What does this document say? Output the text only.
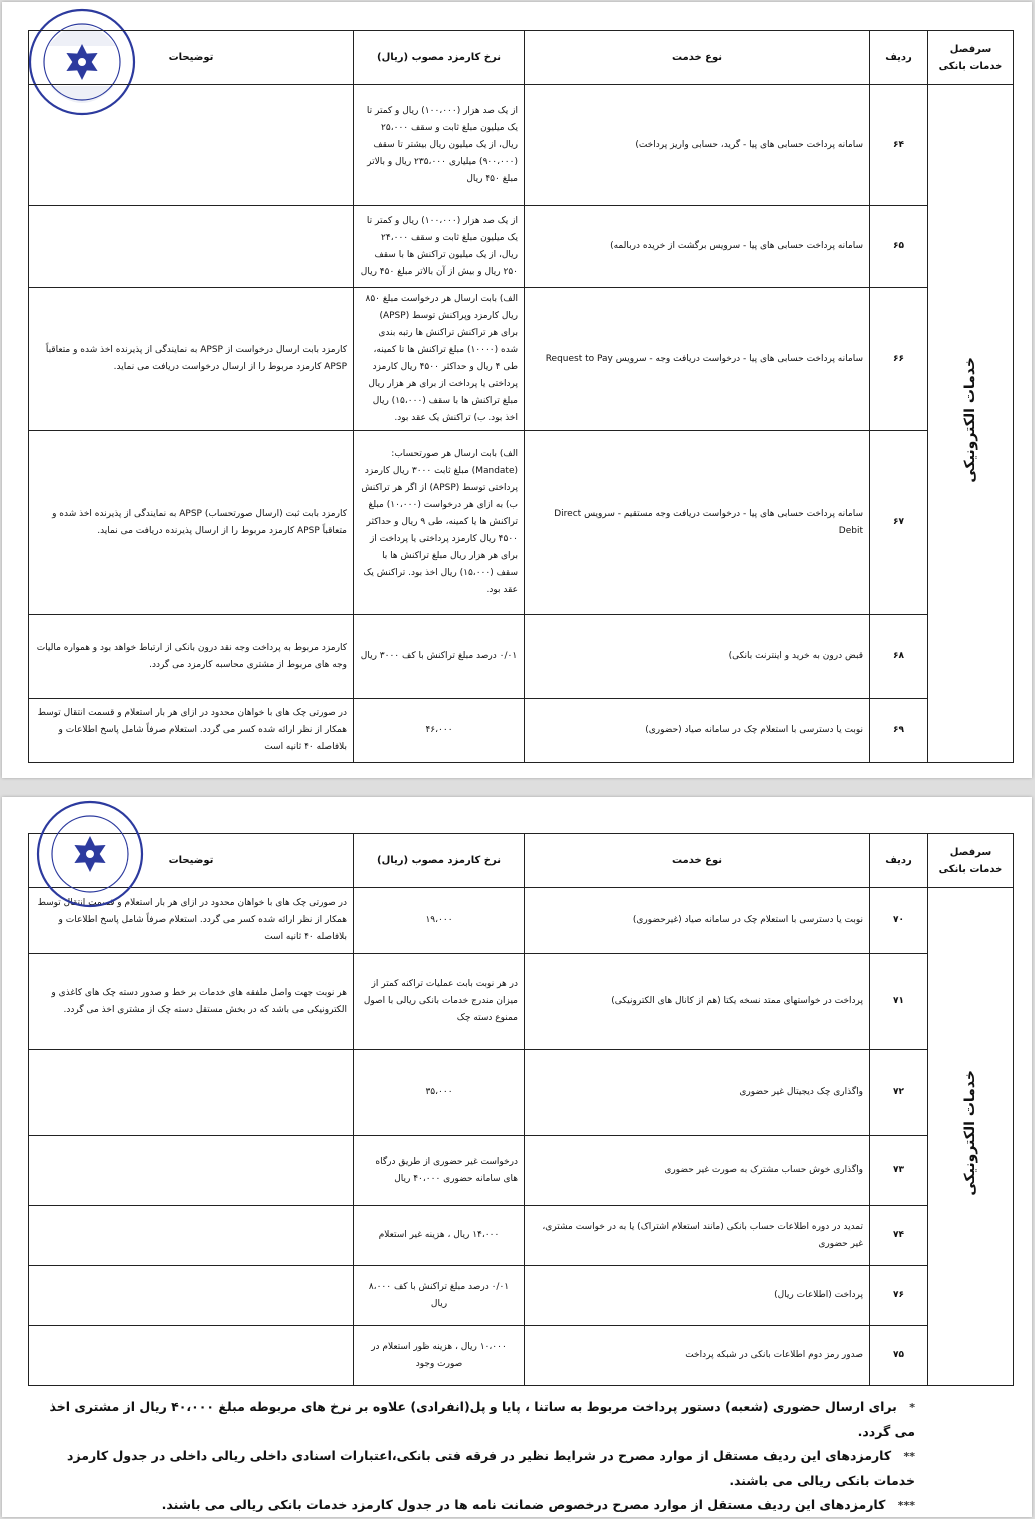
سرفصل خدمات بانکی	ردیف	نوع خدمت	نرخ کارمزد مصوب (ریال)	توضیحات
خدمات الکترونیکی	۶۴	سامانه پرداخت حسابی های پیا - گرید، حسابی واریز پرداخت)	از یک صد هزار (۱۰۰،۰۰۰) ریال و کمتر تا یک میلیون مبلغ ثابت و سقف ۲۵،۰۰۰ ریال، از یک میلیون ریال بیشتر تا سقف (۹۰۰،۰۰۰) میلیاری ۲۳۵،۰۰۰ ریال و بالاتر مبلغ ۴۵۰ ریال	
	۶۵	سامانه پرداخت حسابی های پیا - سرویس برگشت از خریده دربالمه)	از یک صد هزار (۱۰۰،۰۰۰) ریال و کمتر تا یک میلیون مبلغ ثابت و سقف ۲۴،۰۰۰ ریال، از یک میلیون تراکنش ها با سقف ۲۵۰ ریال و بیش از آن بالاتر مبلغ ۴۵۰ ریال	
	۶۶	سامانه پرداخت حسابی های پیا - درخواست دریافت وجه - سرویس Request to Pay	الف) بابت ارسال هر درخواست مبلغ ۸۵۰ ریال کارمزد وپراکنش توسط (APSP) برای هر تراکنش تراکنش ها رتبه بندی شده (۱۰۰۰۰) مبلغ تراکنش ها تا کمینه، طی ۴ ریال و حداکثر ۴۵۰۰ ریال کارمزد پرداختی یا پرداخت از برای هر هزار ریال مبلغ تراکنش ها با سقف (۱۵،۰۰۰) ریال اخذ بود. ب) تراکنش یک عقد بود.	کارمزد بابت ارسال درخواست از APSP به نمایندگی از پذیرنده اخذ شده و متعاقباً APSP کارمزد مربوط را از ارسال درخواست دریافت می نماید.
	۶۷	سامانه پرداخت حسابی های پیا - درخواست دریافت وجه مستقیم - سرویس Direct Debit	الف) بابت ارسال هر صورتحساب: (Mandate) مبلغ ثابت ۳۰۰۰ ریال کارمزد پرداختی توسط (APSP) از اگر هر تراکنش ب) به ازای هر درخواست (۱۰،۰۰۰) مبلغ تراکنش ها یا کمینه، طی ۹ ریال و حداکثر ۴۵۰۰ ریال کارمزد پرداختی یا پرداخت از برای هر هزار ریال مبلغ تراکنش ها با سقف (۱۵،۰۰۰) ریال اخذ بود. تراکنش یک عقد بود.	کارمزد بابت ثبت (ارسال صورتحساب) APSP به نمایندگی از پذیرنده اخذ شده و متعاقباً APSP کارمزد مربوط را از ارسال پذیرنده دریافت می نماید.
	۶۸	قبض درون به خرید و اینترنت بانکی)	۰/۰۱ درصد مبلغ تراکنش با کف ۳۰۰۰ ریال	کارمزد مربوط به پرداخت وجه نقد درون بانکی از ارتباط خواهد بود و همواره مالیات وجه های مربوط از مشتری محاسبه کارمزد می گردد.
	۶۹	نوبت یا دسترسی با استعلام چک در سامانه صیاد (حضوری)	۴۶،۰۰۰	در صورتی چک های با خواهان محدود در ازای هر بار استعلام و قسمت انتقال توسط همکار از نظر ارائه شده کسر می گردد. استعلام صرفاً شامل پاسخ اطلاعات و بلافاصله ۴۰ ثانیه است
سرفصل خدمات بانکی	ردیف	نوع خدمت	نرخ کارمزد مصوب (ریال)	توضیحات
خدمات الکترونیکی	۷۰	نوبت یا دسترسی با استعلام چک در سامانه صیاد (غیرحضوری)	۱۹،۰۰۰	در صورتی چک های با خواهان محدود در ازای هر بار استعلام و قسمت انتقال توسط همکار از نظر ارائه شده کسر می گردد. استعلام صرفاً شامل پاسخ اطلاعات و بلافاصله ۴۰ ثانیه است
	۷۱	پرداخت در خواستهای ممتد نسخه یکتا (هم از کانال های الکترونیکی)	در هر نوبت بابت عملیات تراکنه کمتر از میزان مندرج خدمات بانکی ریالی با اصول ممنوع دسته چک	هر نوبت جهت واصل ملفقه های خدمات بر خط و صدور دسته چک های کاغذی و الکترونیکی می باشد که در بخش مستقل دسته چک از مشتری اخذ می گردد.
	۷۲	واگذاری چک دیجیتال غیر حضوری	۳۵،۰۰۰	
	۷۳	واگذاری خوش حساب مشترک به صورت غیر حضوری	درخواست غیر حضوری از طریق درگاه های سامانه حضوری ۴۰،۰۰۰ ریال	
	۷۴	تمدید در دوره اطلاعات حساب بانکی (مانند استعلام اشتراک) یا به در خواست مشتری، غیر حضوری	۱۴،۰۰۰ ریال ، هزینه غیر استعلام	
	۷۶	پرداخت (اطلاعات ریال)	۰/۰۱ درصد مبلغ تراکنش با کف ۸،۰۰۰ ریال	
	۷۵	صدور رمز دوم اطلاعات بانکی در شبکه پرداخت	۱۰،۰۰۰ ریال ، هزینه ظور استعلام در صورت وجود	
* برای ارسال حضوری (شعبه) دستور پرداخت مربوط به ساتنا ، پایا و پل(انفرادی) علاوه بر نرخ های مربوطه مبلغ ۴۰،۰۰۰ ریال از مشتری اخذ می گردد.
** کارمزدهای این ردیف مستقل از موارد مصرح در شرایط نظیر در فرقه فتی بانکی،اعتبارات اسنادی داخلی ریالی داخلی در جدول کارمزد خدمات بانکی ریالی می باشند.
*** کارمزدهای این ردیف مستقل از موارد مصرح درخصوص ضمانت نامه ها در جدول کارمزد خدمات بانکی ریالی می باشند.
